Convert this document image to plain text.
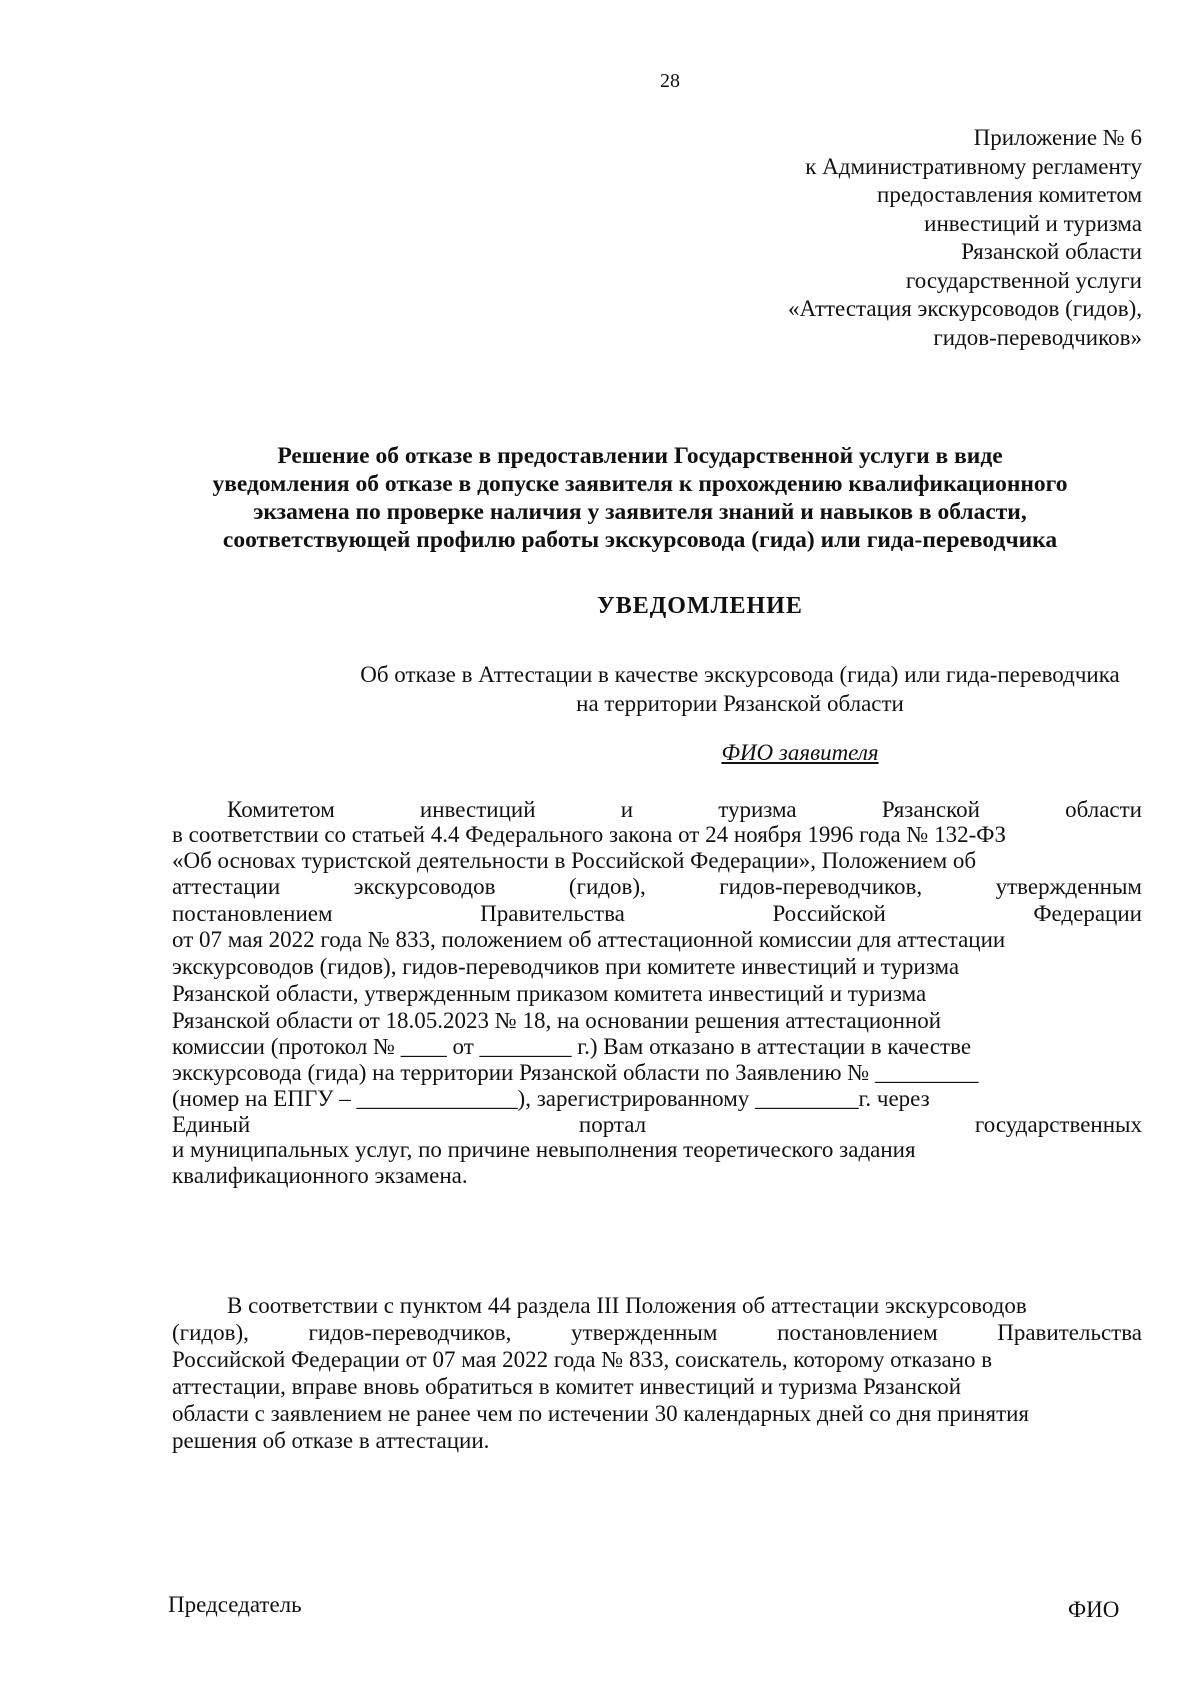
28
Приложение № 6
к Административному регламенту
предоставления комитетом
инвестиций и туризма
Рязанской области
государственной услуги
«Аттестация экскурсоводов (гидов),
гидов-переводчиков»
Решение об отказе в предоставлении Государственной услуги в виде
уведомления об отказе в допуске заявителя к прохождению квалификационного
экзамена по проверке наличия у заявителя знаний и навыков в области,
соответствующей профилю работы экскурсовода (гида) или гида-переводчика
УВЕДОМЛЕНИЕ
Об отказе в Аттестации в качестве экскурсовода (гида) или гида-переводчика
на территории Рязанской области
ФИО заявителя
Комитетом	инвестиций	и	туризма	Рязанской	области
в соответствии со статьей 4.4 Федерального закона от 24 ноября 1996 года № 132-ФЗ
«Об основах туристской деятельности в Российской Федерации», Положением об
аттестации	экскурсоводов	(гидов),	гидов-переводчиков,	утвержденным
постановлением	Правительства	Российской	Федерации
от 07 мая 2022 года № 833, положением об аттестационной комиссии для аттестации
экскурсоводов (гидов), гидов-переводчиков при комитете инвестиций и туризма
Рязанской области, утвержденным приказом комитета инвестиций и туризма
Рязанской области от 18.05.2023 № 18, на основании решения аттестационной
комиссии (протокол № ____ от ________ г.) Вам отказано в аттестации в качестве
экскурсовода (гида) на территории Рязанской области по Заявлению № _________
(номер на ЕПГУ – ______________), зарегистрированному _________г. через
Единый	портал	государственных
и муниципальных услуг, по причине невыполнения теоретического задания
квалификационного экзамена.
В соответствии с пунктом 44 раздела III Положения об аттестации экскурсоводов
(гидов),	гидов-переводчиков,	утвержденным	постановлением	Правительства
Российской Федерации от 07 мая 2022 года № 833, соискатель, которому отказано в
аттестации, вправе вновь обратиться в комитет инвестиций и туризма Рязанской
области с заявлением не ранее чем по истечении 30 календарных дней со дня принятия
решения об отказе в аттестации.
Председатель	ФИО
